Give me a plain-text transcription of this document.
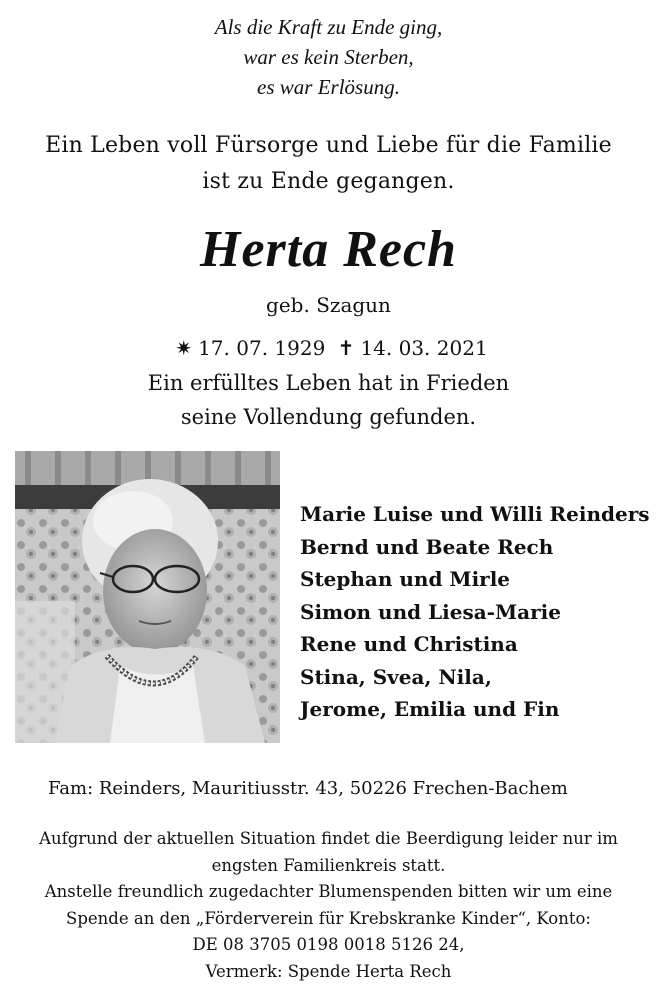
Als die Kraft zu Ende ging,
war es kein Sterben,
es war Erlösung.
Ein Leben voll Fürsorge und Liebe für die Familie
ist zu Ende gegangen.
Herta Rech
geb. Szagun
✷ 17. 07. 1929 ✝ 14. 03. 2021
Ein erfülltes Leben hat in Frieden
seine Vollendung gefunden.
Marie Luise und Willi Reinders
Bernd und Beate Rech
Stephan und Mirle
Simon und Liesa-Marie
Rene und Christina
Stina, Svea, Nila,
Jerome, Emilia und Fin
Fam: Reinders, Mauritiusstr. 43, 50226 Frechen-Bachem
Aufgrund der aktuellen Situation findet die Beerdigung leider nur im
engsten Familienkreis statt.
Anstelle freundlich zugedachter Blumenspenden bitten wir um eine
Spende an den „Förderverein für Krebskranke Kinder“, Konto:
DE 08 3705 0198 0018 5126 24,
Vermerk: Spende Herta Rech
